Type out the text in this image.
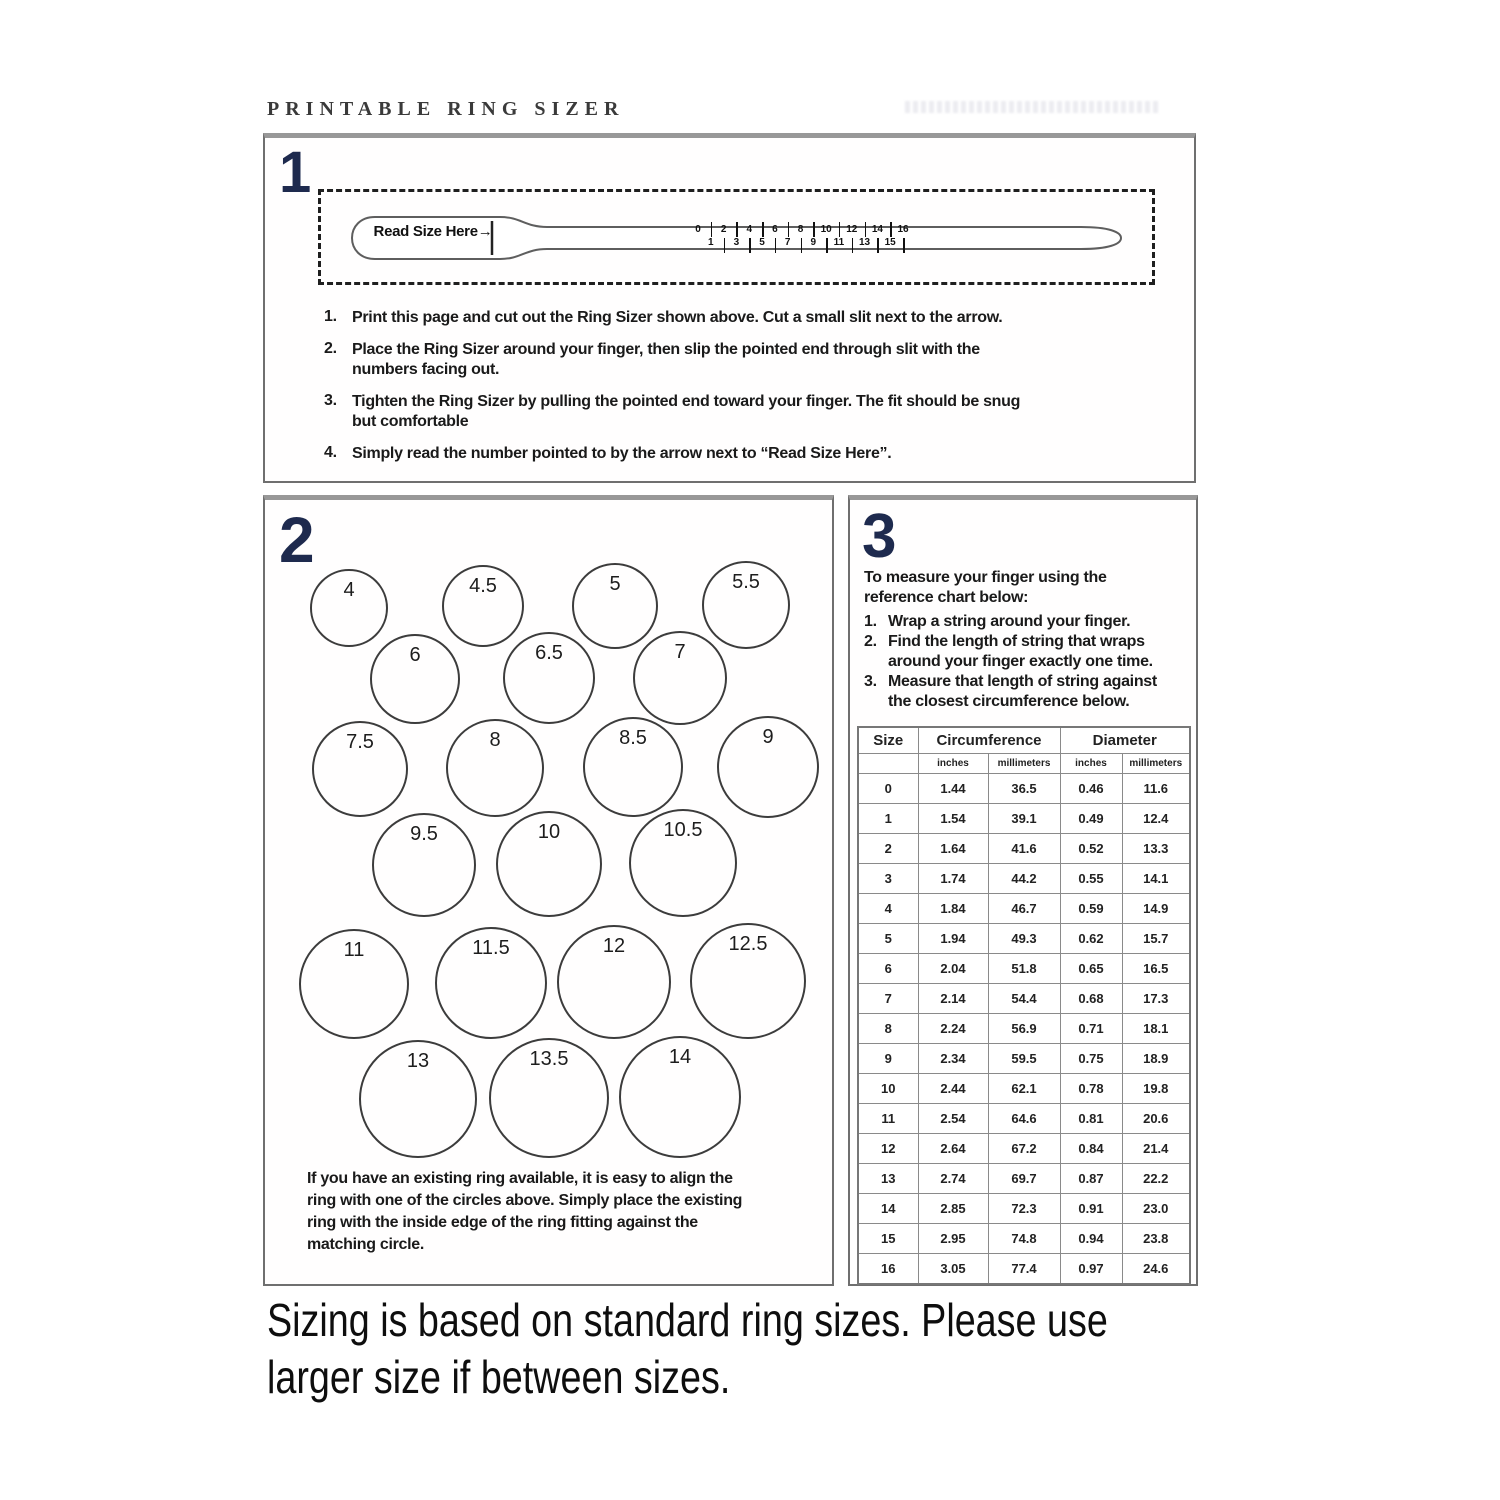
PRINTABLE RING SIZER
1
Read Size Here→	0	2	4	6	8	10	12	14	16
1	3	5	7	9	11	13	15
1. Print this page and cut out the Ring Sizer shown above. Cut a small slit next to the arrow.
2. Place the Ring Sizer around your finger, then slip the pointed end through slit with the
numbers facing out.
3. Tighten the Ring Sizer by pulling the pointed end toward your finger. The fit should be snug
but comfortable
4. Simply read the number pointed to by the arrow next to “Read Size Here”.
2
4	4.5	5	5.5
6	6.5	7
7.5	8	8.5	9
9.5	10	10.5
11	11.5	12	12.5
13	13.5	14
If you have an existing ring available, it is easy to align the
ring with one of the circles above. Simply place the existing
ring with the inside edge of the ring fitting against the
matching circle.
3
To measure your finger using the
reference chart below:
1. Wrap a string around your finger.
2. Find the length of string that wraps
around your finger exactly one time.
3. Measure that length of string against
the closest circumference below.
Size	Circumference		Diameter	
	inches	millimeters	inches	millimeters
0	1.44	36.5	0.46	11.6
1	1.54	39.1	0.49	12.4
2	1.64	41.6	0.52	13.3
3	1.74	44.2	0.55	14.1
4	1.84	46.7	0.59	14.9
5	1.94	49.3	0.62	15.7
6	2.04	51.8	0.65	16.5
7	2.14	54.4	0.68	17.3
8	2.24	56.9	0.71	18.1
9	2.34	59.5	0.75	18.9
10	2.44	62.1	0.78	19.8
11	2.54	64.6	0.81	20.6
12	2.64	67.2	0.84	21.4
13	2.74	69.7	0.87	22.2
14	2.85	72.3	0.91	23.0
15	2.95	74.8	0.94	23.8
16	3.05	77.4	0.97	24.6
Sizing is based on standard ring sizes. Please use
larger size if between sizes.
